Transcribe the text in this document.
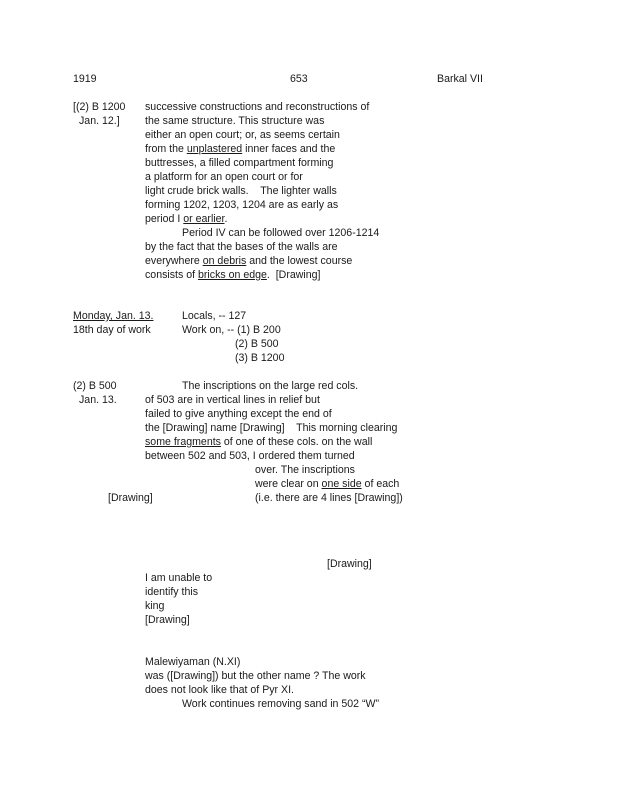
1919	653	Barkal VII

[(2) B 1200

Jan. 12.]

successive constructions and reconstructions of

the same structure. This structure was

either an open court; or, as seems certain

from the unplastered inner faces and the

buttresses, a filled compartment forming

a platform for an open court or for

light crude brick walls.    The lighter walls

forming 1202, 1203, 1204 are as early as

period I or earlier.

Period IV can be followed over 1206-1214

by the fact that the bases of the walls are

everywhere on debris and the lowest course

consists of bricks on edge.  [Drawing]

Monday, Jan. 13.

18th day of work

Locals, -- 127

Work on, -- (1) B 200

(2) B 500

(3) B 1200

(2) B 500

Jan. 13.

The inscriptions on the large red cols.

of 503 are in vertical lines in relief but

failed to give anything except the end of

the [Drawing] name [Drawing]    This morning clearing

some fragments of one of these cols. on the wall

between 502 and 503, I ordered them turned

over. The inscriptions

were clear on one side of each

(i.e. there are 4 lines [Drawing])

[Drawing]

[Drawing]

I am unable to

identify this

king

[Drawing]

Malewiyaman (N.XI)

was ([Drawing]) but the other name ? The work

does not look like that of Pyr XI.

Work continues removing sand in 502 “W”
